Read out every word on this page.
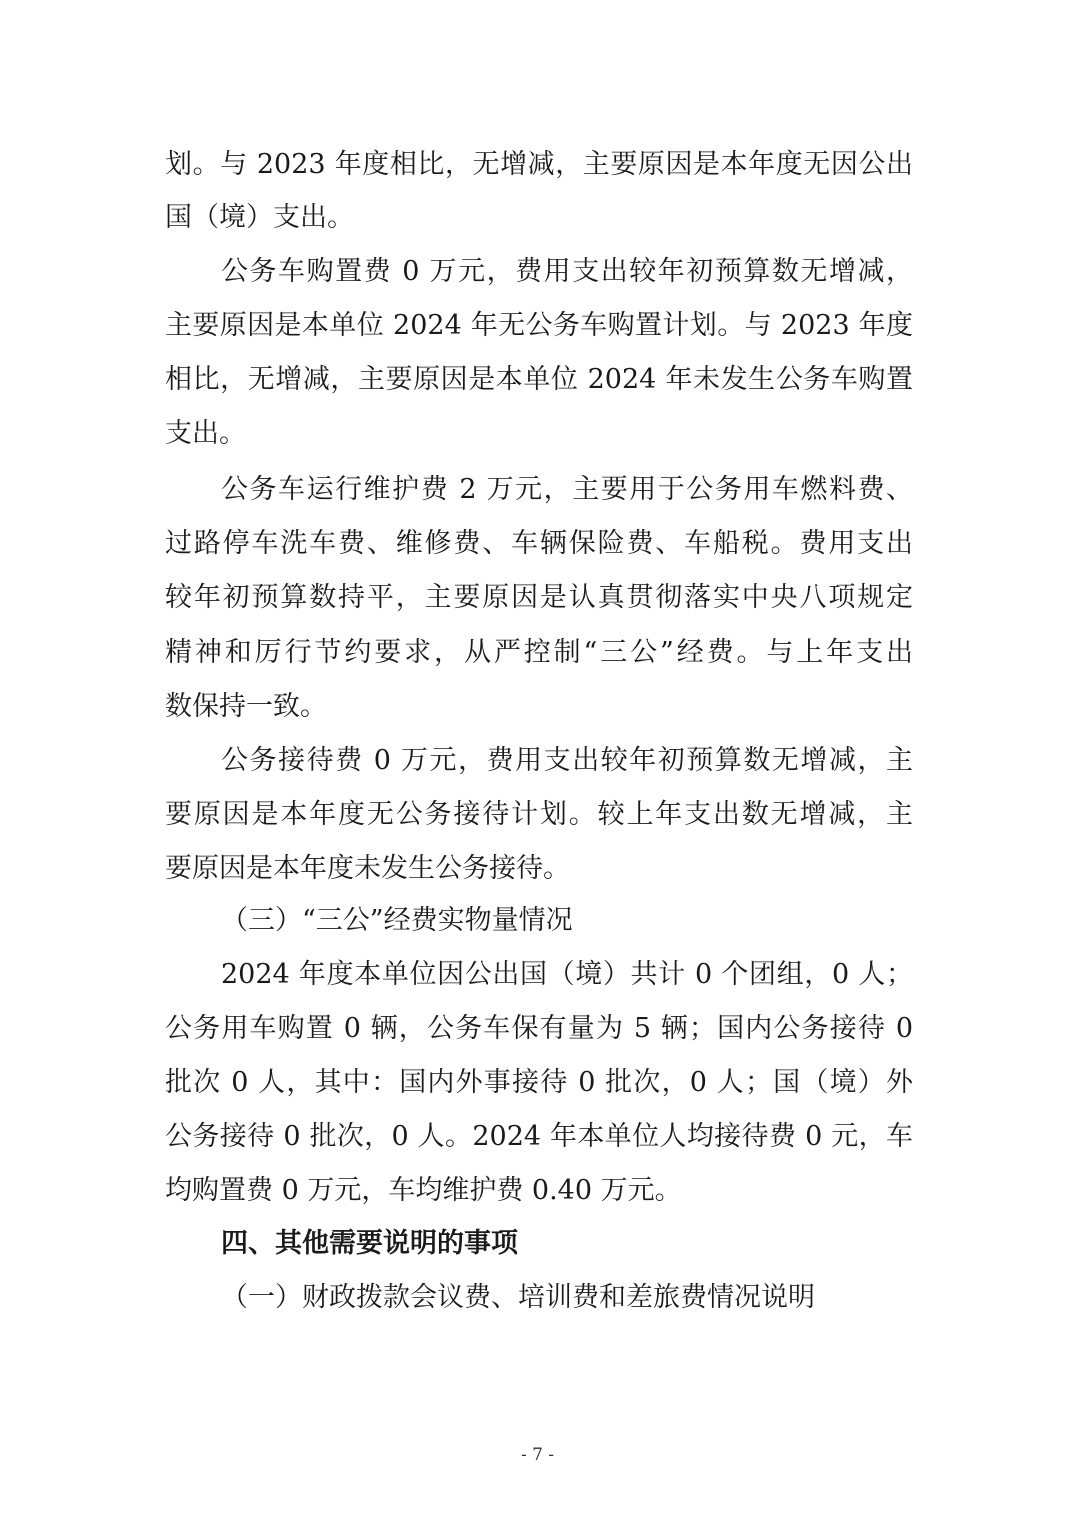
划。与 2023 年度相比，无增减，主要原因是本年度无因公出
国（境）支出。
公务车购置费 0 万元，费用支出较年初预算数无增减，
主要原因是本单位 2024 年无公务车购置计划。与 2023 年度
相比，无增减，主要原因是本单位 2024 年未发生公务车购置
支出。
公务车运行维护费 2 万元，主要用于公务用车燃料费、
过路停车洗车费、维修费、车辆保险费、车船税。费用支出
较年初预算数持平，主要原因是认真贯彻落实中央八项规定
精神和厉行节约要求，从严控制“三公”经费。与上年支出
数保持一致。
公务接待费 0 万元，费用支出较年初预算数无增减，主
要原因是本年度无公务接待计划。较上年支出数无增减，主
要原因是本年度未发生公务接待。
（三）“三公”经费实物量情况
2024 年度本单位因公出国（境）共计 0 个团组，0 人；
公务用车购置 0 辆，公务车保有量为 5 辆；国内公务接待 0
批次 0 人，其中：国内外事接待 0 批次，0 人；国（境）外
公务接待 0 批次，0 人。2024 年本单位人均接待费 0 元，车
均购置费 0 万元，车均维护费 0.40 万元。
四、其他需要说明的事项
（一）财政拨款会议费、培训费和差旅费情况说明
- 7 -
